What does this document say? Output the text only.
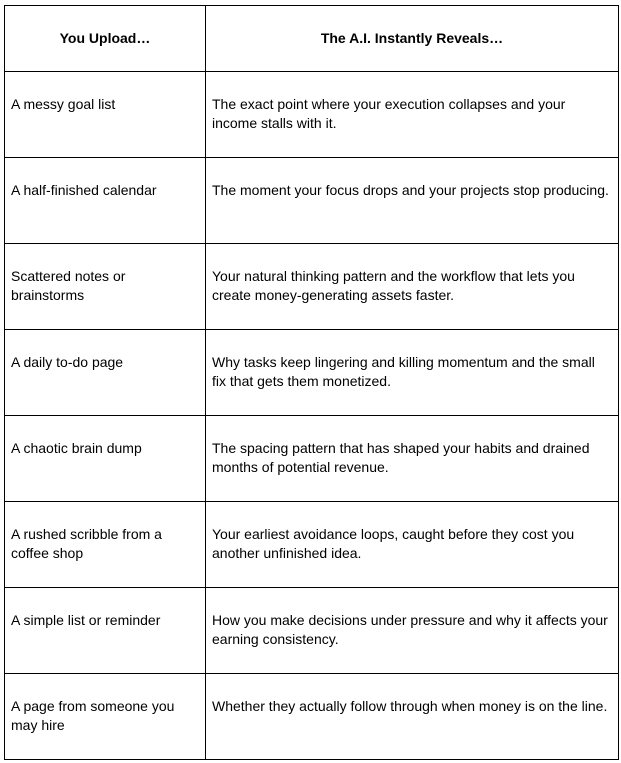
You Upload…	The A.I. Instantly Reveals…
A messy goal list	The exact point where your execution collapses and your income stalls with it.
A half-finished calendar	The moment your focus drops and your projects stop producing.
Scattered notes or brainstorms	Your natural thinking pattern and the workflow that lets you create money-generating assets faster.
A daily to-do page	Why tasks keep lingering and killing momentum and the small fix that gets them monetized.
A chaotic brain dump	The spacing pattern that has shaped your habits and drained months of potential revenue.
A rushed scribble from a coffee shop	Your earliest avoidance loops, caught before they cost you another unfinished idea.
A simple list or reminder	How you make decisions under pressure and why it affects your earning consistency.
A page from someone you may hire	Whether they actually follow through when money is on the line.
